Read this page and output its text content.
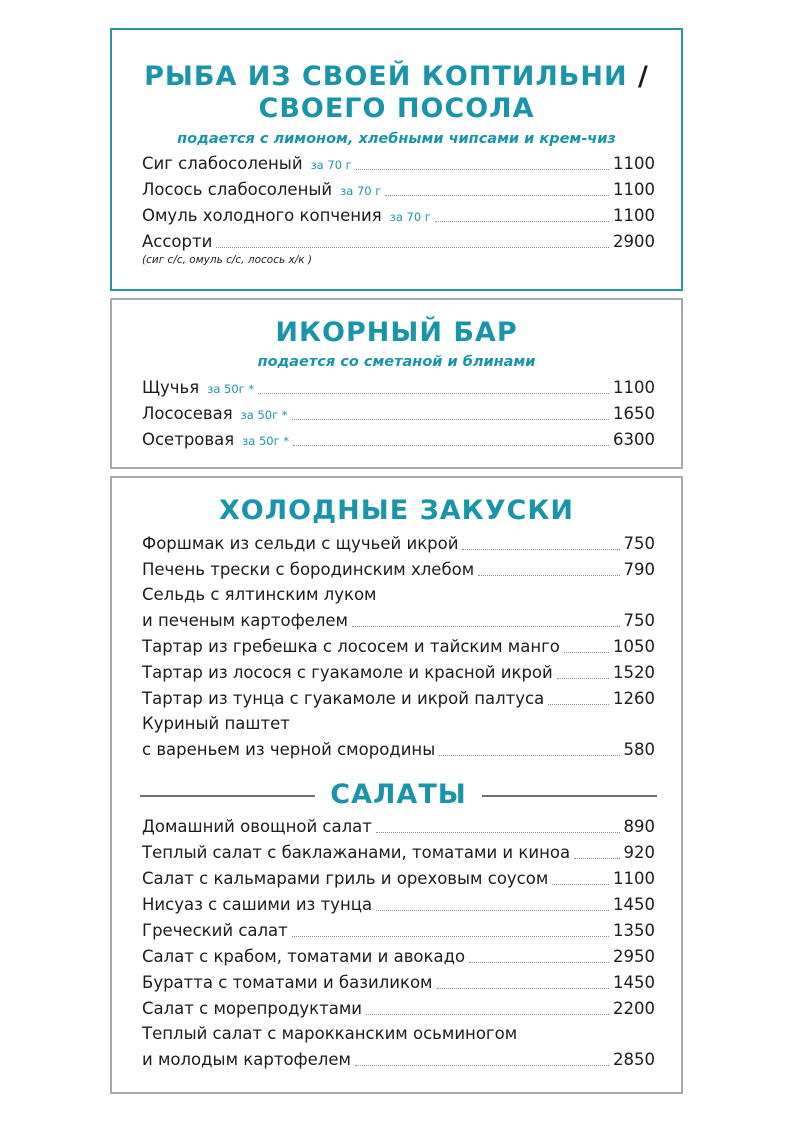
РЫБА ИЗ СВОЕЙ КОПТИЛЬНИ /
СВОЕГО ПОСОЛА
подается с лимоном, хлебными чипсами и крем-чиз
Сиг слабосоленый за 70 г	1100
Лосось слабосоленый за 70 г	1100
Омуль холодного копчения за 70 г	1100
Ассорти	2900
(сиг с/с, омуль с/с, лосось х/к )
ИКОРНЫЙ БАР
подается со сметаной и блинами
Щучья за 50г *	1100
Лососевая за 50г *	1650
Осетровая за 50г *	6300
ХОЛОДНЫЕ ЗАКУСКИ
Форшмак из сельди с щучьей икрой	750
Печень трески с бородинским хлебом	790
Сельдь с ялтинским луком
и печеным картофелем	750
Тартар из гребешка с лососем и тайским манго	1050
Тартар из лосося с гуакамоле и красной икрой	1520
Тартар из тунца с гуакамоле и икрой палтуса	1260
Куриный паштет
с вареньем из черной смородины	580
САЛАТЫ
Домашний овощной салат	890
Теплый салат с баклажанами, томатами и киноа	920
Салат с кальмарами гриль и ореховым соусом	1100
Нисуаз с сашими из тунца	1450
Греческий салат	1350
Салат с крабом, томатами и авокадо	2950
Буратта с томатами и базиликом	1450
Салат с морепродуктами	2200
Теплый салат с марокканским осьминогом
и молодым картофелем	2850
